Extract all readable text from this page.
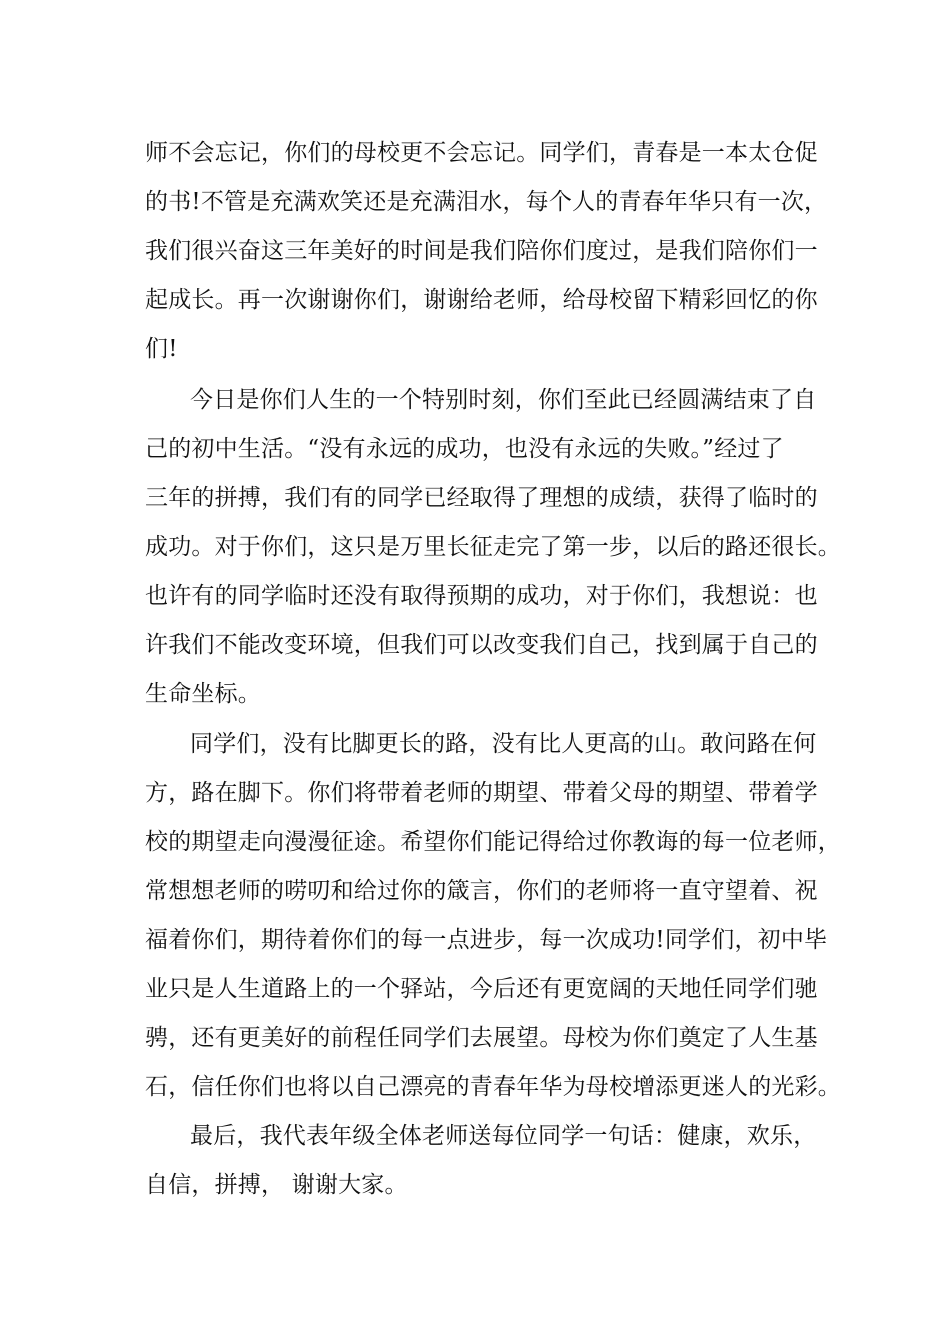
师不会忘记，你们的母校更不会忘记。同学们，青春是一本太仓促
的书!不管是充满欢笑还是充满泪水，每个人的青春年华只有一次，
我们很兴奋这三年美好的时间是我们陪你们度过，是我们陪你们一
起成长。再一次谢谢你们，谢谢给老师，给母校留下精彩回忆的你
们!
今日是你们人生的一个特别时刻，你们至此已经圆满结束了自
己的初中生活。“没有永远的成功，也没有永远的失败。”经过了
三年的拼搏，我们有的同学已经取得了理想的成绩，获得了临时的
成功。对于你们，这只是万里长征走完了第一步，以后的路还很长。
也许有的同学临时还没有取得预期的成功，对于你们，我想说：也
许我们不能改变环境，但我们可以改变我们自己，找到属于自己的
生命坐标。
同学们，没有比脚更长的路，没有比人更高的山。敢问路在何
方，路在脚下。你们将带着老师的期望、带着父母的期望、带着学
校的期望走向漫漫征途。希望你们能记得给过你教诲的每一位老师，
常想想老师的唠叨和给过你的箴言，你们的老师将一直守望着、祝
福着你们，期待着你们的每一点进步，每一次成功!同学们，初中毕
业只是人生道路上的一个驿站，今后还有更宽阔的天地任同学们驰
骋，还有更美好的前程任同学们去展望。母校为你们奠定了人生基
石，信任你们也将以自己漂亮的青春年华为母校增添更迷人的光彩。
最后，我代表年级全体老师送每位同学一句话：健康，欢乐，
自信，拼搏， 谢谢大家。
